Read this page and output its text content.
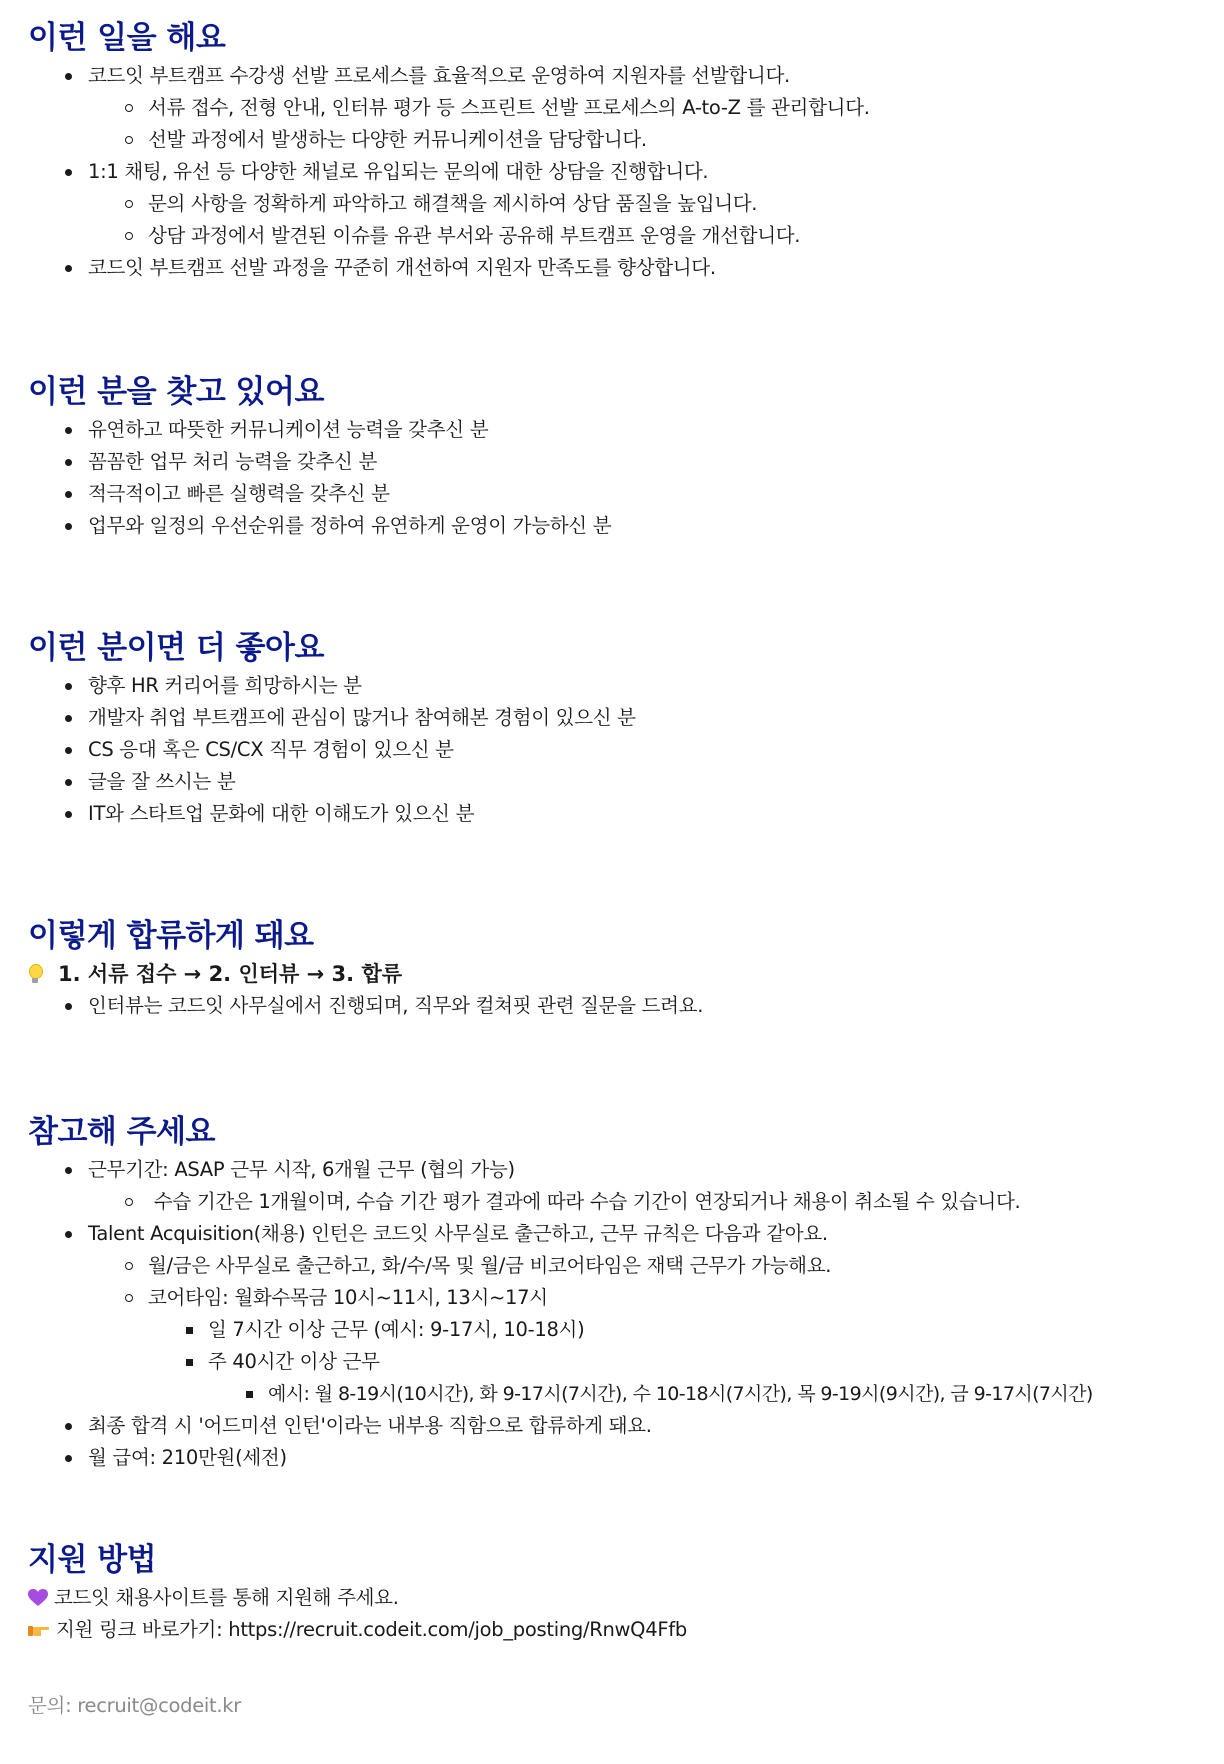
이런 일을 해요
코드잇 부트캠프 수강생 선발 프로세스를 효율적으로 운영하여 지원자를 선발합니다.
서류 접수, 전형 안내, 인터뷰 평가 등 스프린트 선발 프로세스의 A-to-Z 를 관리합니다.
선발 과정에서 발생하는 다양한 커뮤니케이션을 담당합니다.
1:1 채팅, 유선 등 다양한 채널로 유입되는 문의에 대한 상담을 진행합니다.
문의 사항을 정확하게 파악하고 해결책을 제시하여 상담 품질을 높입니다.
상담 과정에서 발견된 이슈를 유관 부서와 공유해 부트캠프 운영을 개선합니다.
코드잇 부트캠프 선발 과정을 꾸준히 개선하여 지원자 만족도를 향상합니다.
이런 분을 찾고 있어요
유연하고 따뜻한 커뮤니케이션 능력을 갖추신 분
꼼꼼한 업무 처리 능력을 갖추신 분
적극적이고 빠른 실행력을 갖추신 분
업무와 일정의 우선순위를 정하여 유연하게 운영이 가능하신 분
이런 분이면 더 좋아요
향후 HR 커리어를 희망하시는 분
개발자 취업 부트캠프에 관심이 많거나 참여해본 경험이 있으신 분
CS 응대 혹은 CS/CX 직무 경험이 있으신 분
글을 잘 쓰시는 분
IT와 스타트업 문화에 대한 이해도가 있으신 분
이렇게 합류하게 돼요
1. 서류 접수 → 2. 인터뷰 → 3. 합류
인터뷰는 코드잇 사무실에서 진행되며, 직무와 컬쳐핏 관련 질문을 드려요.
참고해 주세요
근무기간: ASAP 근무 시작, 6개월 근무 (협의 가능)
수습 기간은 1개월이며, 수습 기간 평가 결과에 따라 수습 기간이 연장되거나 채용이 취소될 수 있습니다.
Talent Acquisition(채용) 인턴은 코드잇 사무실로 출근하고, 근무 규칙은 다음과 같아요.
월/금은 사무실로 출근하고, 화/수/목 및 월/금 비코어타임은 재택 근무가 가능해요.
코어타임: 월화수목금 10시~11시, 13시~17시
일 7시간 이상 근무 (예시: 9-17시, 10-18시)
주 40시간 이상 근무
예시: 월 8-19시(10시간), 화 9-17시(7시간), 수 10-18시(7시간), 목 9-19시(9시간), 금 9-17시(7시간)
최종 합격 시 '어드미션 인턴'이라는 내부용 직함으로 합류하게 돼요.
월 급여: 210만원(세전)
지원 방법
코드잇 채용사이트를 통해 지원해 주세요.
지원 링크 바로가기: https://recruit.codeit.com/job_posting/RnwQ4Ffb
문의: recruit@codeit.kr
